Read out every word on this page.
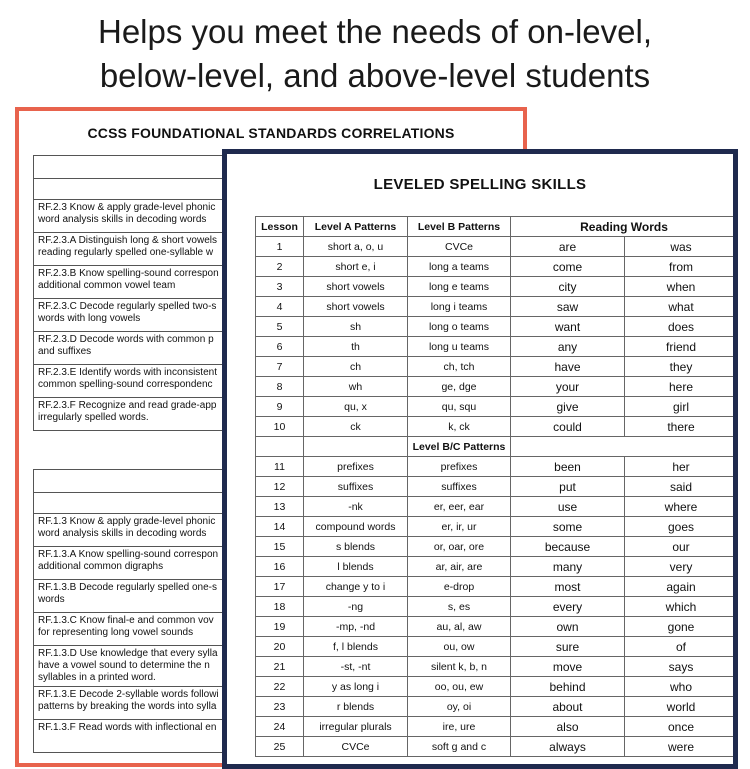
Helps you meet the needs of on-level,
below-level, and above-level students
CCSS FOUNDATIONAL STANDARDS CORRELATIONS

RF.2.3 Know & apply grade-level phonic
word analysis skills in decoding words

RF.2.3.A Distinguish long & short vowels
reading regularly spelled one-syllable w

RF.2.3.B Know spelling-sound correspon
additional common vowel team

RF.2.3.C Decode regularly spelled two-s
words with long vowels

RF.2.3.D Decode words with common p
and suffixes

RF.2.3.E Identify words with inconsistent
common spelling-sound correspondenc

RF.2.3.F Recognize and read grade-app
irregularly spelled words.

RF.1.3 Know & apply grade-level phonic
word analysis skills in decoding words

RF.1.3.A Know spelling-sound correspon
additional common digraphs

RF.1.3.B Decode regularly spelled one-s
words

RF.1.3.C Know final-e and common vov
for representing long vowel sounds

RF.1.3.D Use knowledge that every sylla
have a vowel sound to determine the n
syllables in a printed word.

RF.1.3.E Decode 2-syllable words followi
patterns by breaking the words into sylla

RF.1.3.F Read words with inflectional en
LEVELED SPELLING SKILLS
Lesson	Level A Patterns	Level B Patterns	Reading Words	
1	short a, o, u	CVCe	are	was
2	short e, i	long a teams	come	from
3	short vowels	long e teams	city	when
4	short vowels	long i teams	saw	what
5	sh	long o teams	want	does
6	th	long u teams	any	friend
7	ch	ch, tch	have	they
8	wh	ge, dge	your	here
9	qu, x	qu, squ	give	girl
10	ck	k, ck	could	there
		Level B/C Patterns		
11	prefixes	prefixes	been	her
12	suffixes	suffixes	put	said
13	-nk	er, eer, ear	use	where
14	compound words	er, ir, ur	some	goes
15	s blends	or, oar, ore	because	our
16	l blends	ar, air, are	many	very
17	change y to i	e-drop	most	again
18	-ng	s, es	every	which
19	-mp, -nd	au, al, aw	own	gone
20	f, l blends	ou, ow	sure	of
21	-st, -nt	silent k, b, n	move	says
22	y as long i	oo, ou, ew	behind	who
23	r blends	oy, oi	about	world
24	irregular plurals	ire, ure	also	once
25	CVCe	soft g and c	always	were
